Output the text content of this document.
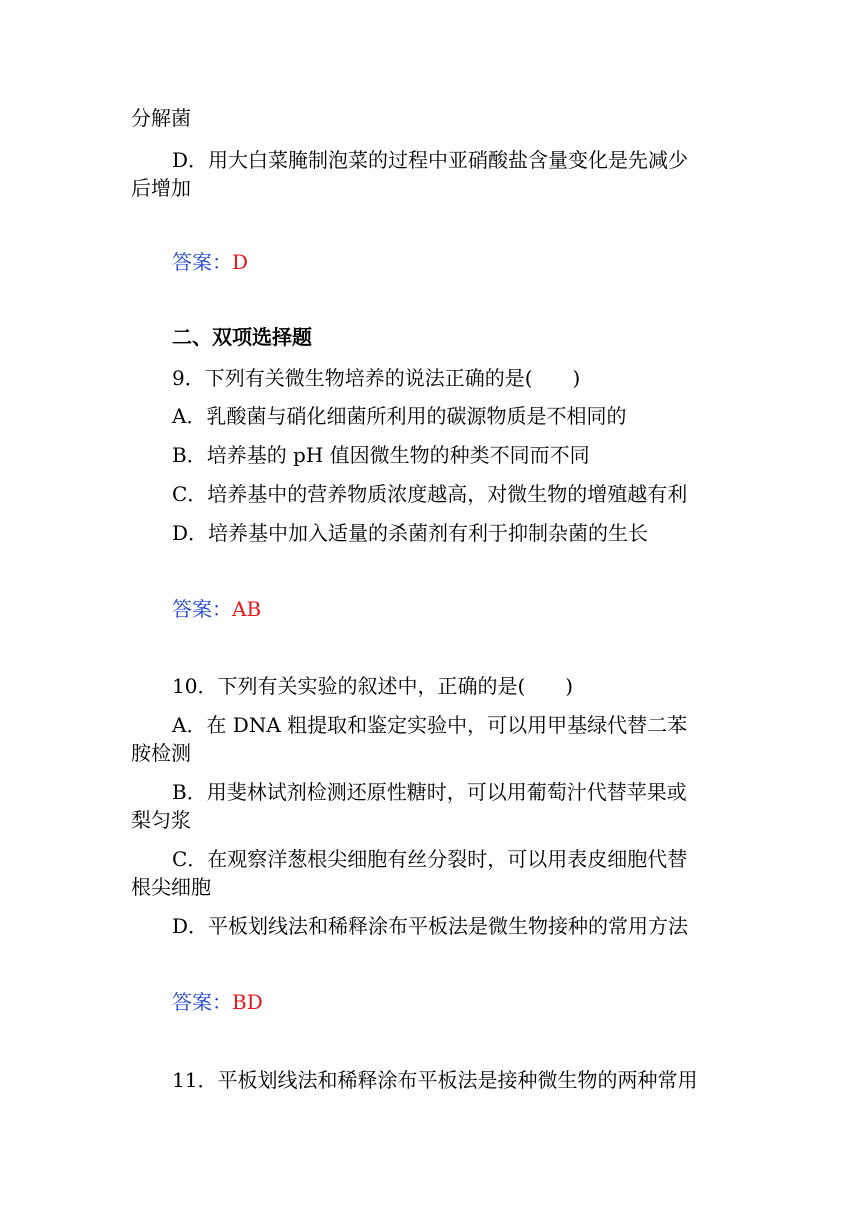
分解菌
D．用大白菜腌制泡菜的过程中亚硝酸盐含量变化是先减少
后增加
答案：D
二、双项选择题
9．下列有关微生物培养的说法正确的是(　　)
A．乳酸菌与硝化细菌所利用的碳源物质是不相同的
B．培养基的 pH 值因微生物的种类不同而不同
C．培养基中的营养物质浓度越高，对微生物的增殖越有利
D．培养基中加入适量的杀菌剂有利于抑制杂菌的生长
答案：AB
10．下列有关实验的叙述中，正确的是(　　)
A．在 DNA 粗提取和鉴定实验中，可以用甲基绿代替二苯
胺检测
B．用斐林试剂检测还原性糖时，可以用葡萄汁代替苹果或
梨匀浆
C．在观察洋葱根尖细胞有丝分裂时，可以用表皮细胞代替
根尖细胞
D．平板划线法和稀释涂布平板法是微生物接种的常用方法
答案：BD
11．平板划线法和稀释涂布平板法是接种微生物的两种常用
